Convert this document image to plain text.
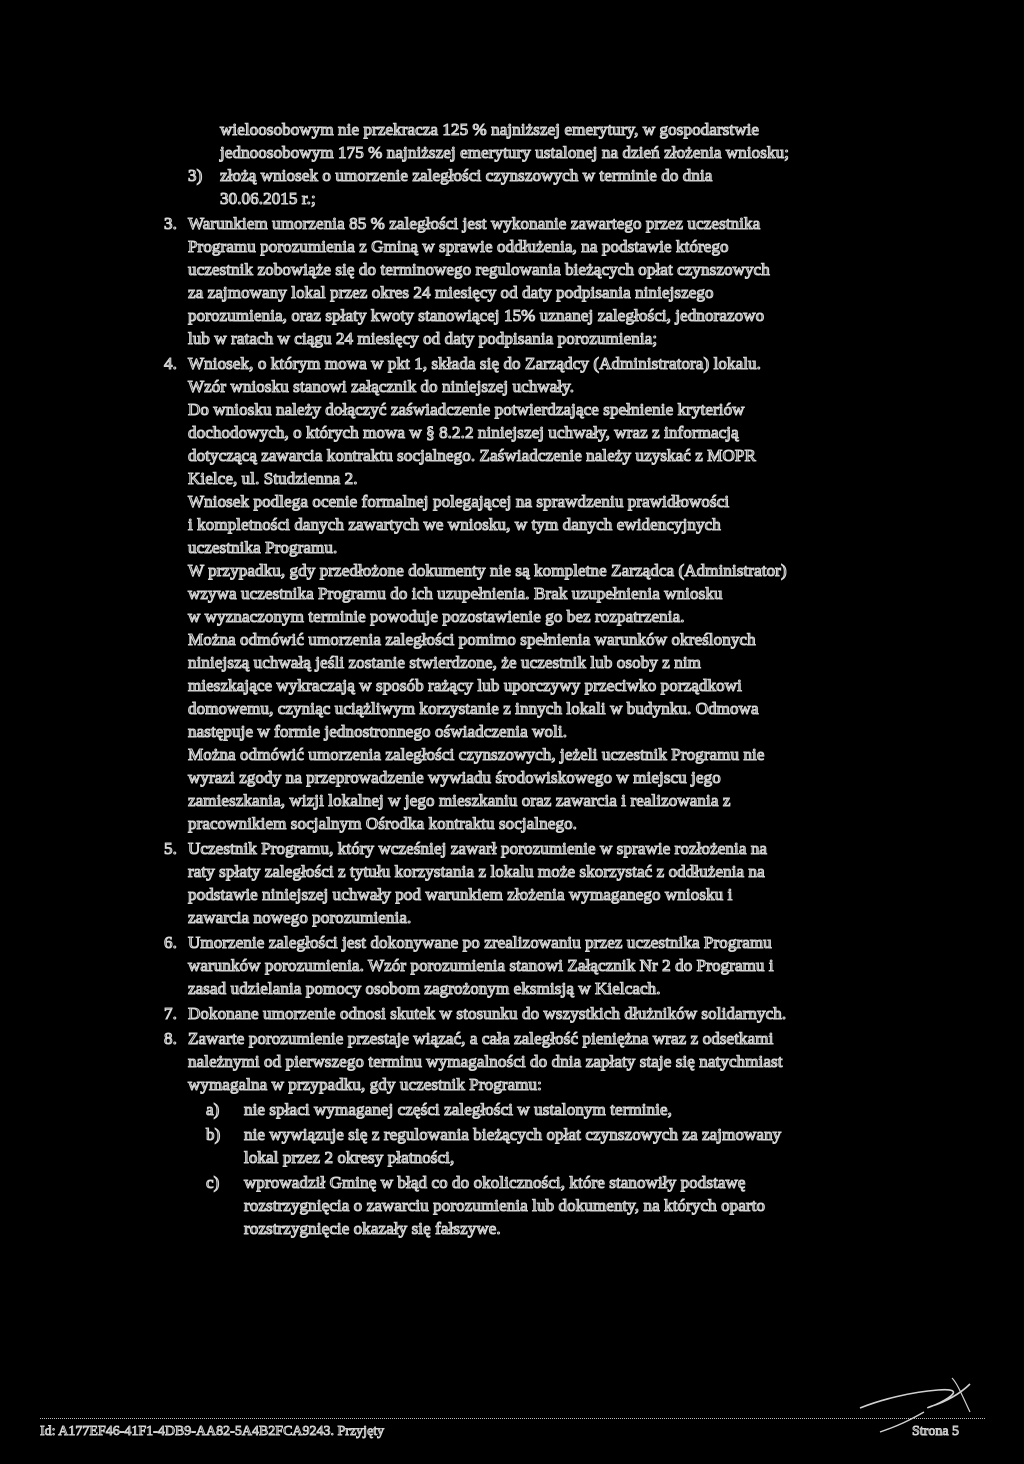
wieloosobowym nie przekracza 125 % najniższej emerytury, w gospodarstwie
jednoosobowym 175 % najniższej emerytury ustalonej na dzień złożenia wniosku;
3) złożą wniosek o umorzenie zaległości czynszowych w terminie do dnia
30.06.2015 r.;
3. Warunkiem umorzenia 85 % zaległości jest wykonanie zawartego przez uczestnika
Programu porozumienia z Gminą w sprawie oddłużenia, na podstawie którego
uczestnik zobowiąże się do terminowego regulowania bieżących opłat czynszowych
za zajmowany lokal przez okres 24 miesięcy od daty podpisania niniejszego
porozumienia, oraz spłaty kwoty stanowiącej 15% uznanej zaległości, jednorazowo
lub w ratach w ciągu 24 miesięcy od daty podpisania porozumienia;
4. Wniosek, o którym mowa w pkt 1, składa się do Zarządcy (Administratora) lokalu.
Wzór wniosku stanowi załącznik do niniejszej uchwały.
Do wniosku należy dołączyć zaświadczenie potwierdzające spełnienie kryteriów
dochodowych, o których mowa w § 8.2.2 niniejszej uchwały, wraz z informacją
dotyczącą zawarcia kontraktu socjalnego. Zaświadczenie należy uzyskać z MOPR
Kielce, ul. Studzienna 2.
Wniosek podlega ocenie formalnej polegającej na sprawdzeniu prawidłowości
i kompletności danych zawartych we wniosku, w tym danych ewidencyjnych
uczestnika Programu.
W przypadku, gdy przedłożone dokumenty nie są kompletne Zarządca (Administrator)
wzywa uczestnika Programu do ich uzupełnienia. Brak uzupełnienia wniosku
w wyznaczonym terminie powoduje pozostawienie go bez rozpatrzenia.
Można odmówić umorzenia zaległości pomimo spełnienia warunków określonych
niniejszą uchwałą jeśli zostanie stwierdzone, że uczestnik lub osoby z nim
mieszkające wykraczają w sposób rażący lub uporczywy przeciwko porządkowi
domowemu, czyniąc uciążliwym korzystanie z innych lokali w budynku. Odmowa
następuje w formie jednostronnego oświadczenia woli.
Można odmówić umorzenia zaległości czynszowych, jeżeli uczestnik Programu nie
wyrazi zgody na przeprowadzenie wywiadu środowiskowego w miejscu jego
zamieszkania, wizji lokalnej w jego mieszkaniu oraz zawarcia i realizowania z
pracownikiem socjalnym Ośrodka kontraktu socjalnego.
5. Uczestnik Programu, który wcześniej zawarł porozumienie w sprawie rozłożenia na
raty spłaty zaległości z tytułu korzystania z lokalu może skorzystać z oddłużenia na
podstawie niniejszej uchwały pod warunkiem złożenia wymaganego wniosku i
zawarcia nowego porozumienia.
6. Umorzenie zaległości jest dokonywane po zrealizowaniu przez uczestnika Programu
warunków porozumienia. Wzór porozumienia stanowi Załącznik Nr 2 do Programu i
zasad udzielania pomocy osobom zagrożonym eksmisją w Kielcach.
7. Dokonane umorzenie odnosi skutek w stosunku do wszystkich dłużników solidarnych.
8. Zawarte porozumienie przestaje wiązać, a cała zaległość pieniężna wraz z odsetkami
należnymi od pierwszego terminu wymagalności do dnia zapłaty staje się natychmiast
wymagalna w przypadku, gdy uczestnik Programu:
a) nie spłaci wymaganej części zaległości w ustalonym terminie,
b) nie wywiązuje się z regulowania bieżących opłat czynszowych za zajmowany
lokal przez 2 okresy płatności,
c) wprowadził Gminę w błąd co do okoliczności, które stanowiły podstawę
rozstrzygnięcia o zawarciu porozumienia lub dokumenty, na których oparto
rozstrzygnięcie okazały się fałszywe.
Id: A177EF46-41F1-4DB9-AA82-5A4B2FCA9243. Przyjęty	Strona 5
